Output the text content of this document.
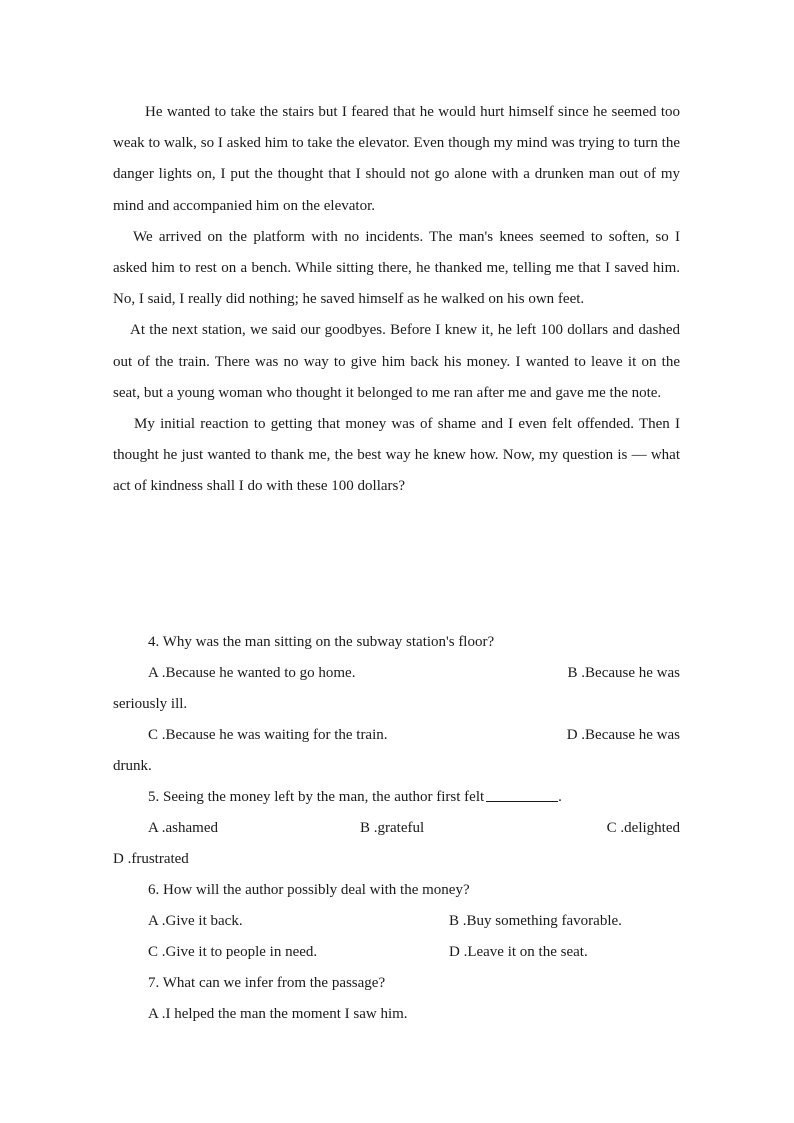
He wanted to take the stairs but I feared that he would hurt himself since he seemed too weak to walk, so I asked him to take the elevator. Even though my mind was trying to turn the danger lights on, I put the thought that I should not go alone with a drunken man out of my mind and accompanied him on the elevator.

We arrived on the platform with no incidents. The man's knees seemed to soften, so I asked him to rest on a bench. While sitting there, he thanked me, telling me that I saved him. No, I said, I really did nothing; he saved himself as he walked on his own feet.

At the next station, we said our goodbyes. Before I knew it, he left 100 dollars and dashed out of the train. There was no way to give him back his money. I wanted to leave it on the seat, but a young woman who thought it belonged to me ran after me and gave me the note.

My initial reaction to getting that money was of shame and I even felt offended. Then I thought he just wanted to thank me, the best way he knew how. Now, my question is — what act of kindness shall I do with these 100 dollars?

4. Why was the man sitting on the subway station's floor?
A .Because he wanted to go home.	B .Because he was
seriously ill.
C .Because he was waiting for the train.	D .Because he was
drunk.
5. Seeing the money left by the man, the author first felt	.
A .ashamed	B .grateful	C .delighted
D .frustrated
6. How will the author possibly deal with the money?
A .Give it back.	B .Buy something favorable.
C .Give it to people in need.	D .Leave it on the seat.
7. What can we infer from the passage?
A .I helped the man the moment I saw him.
